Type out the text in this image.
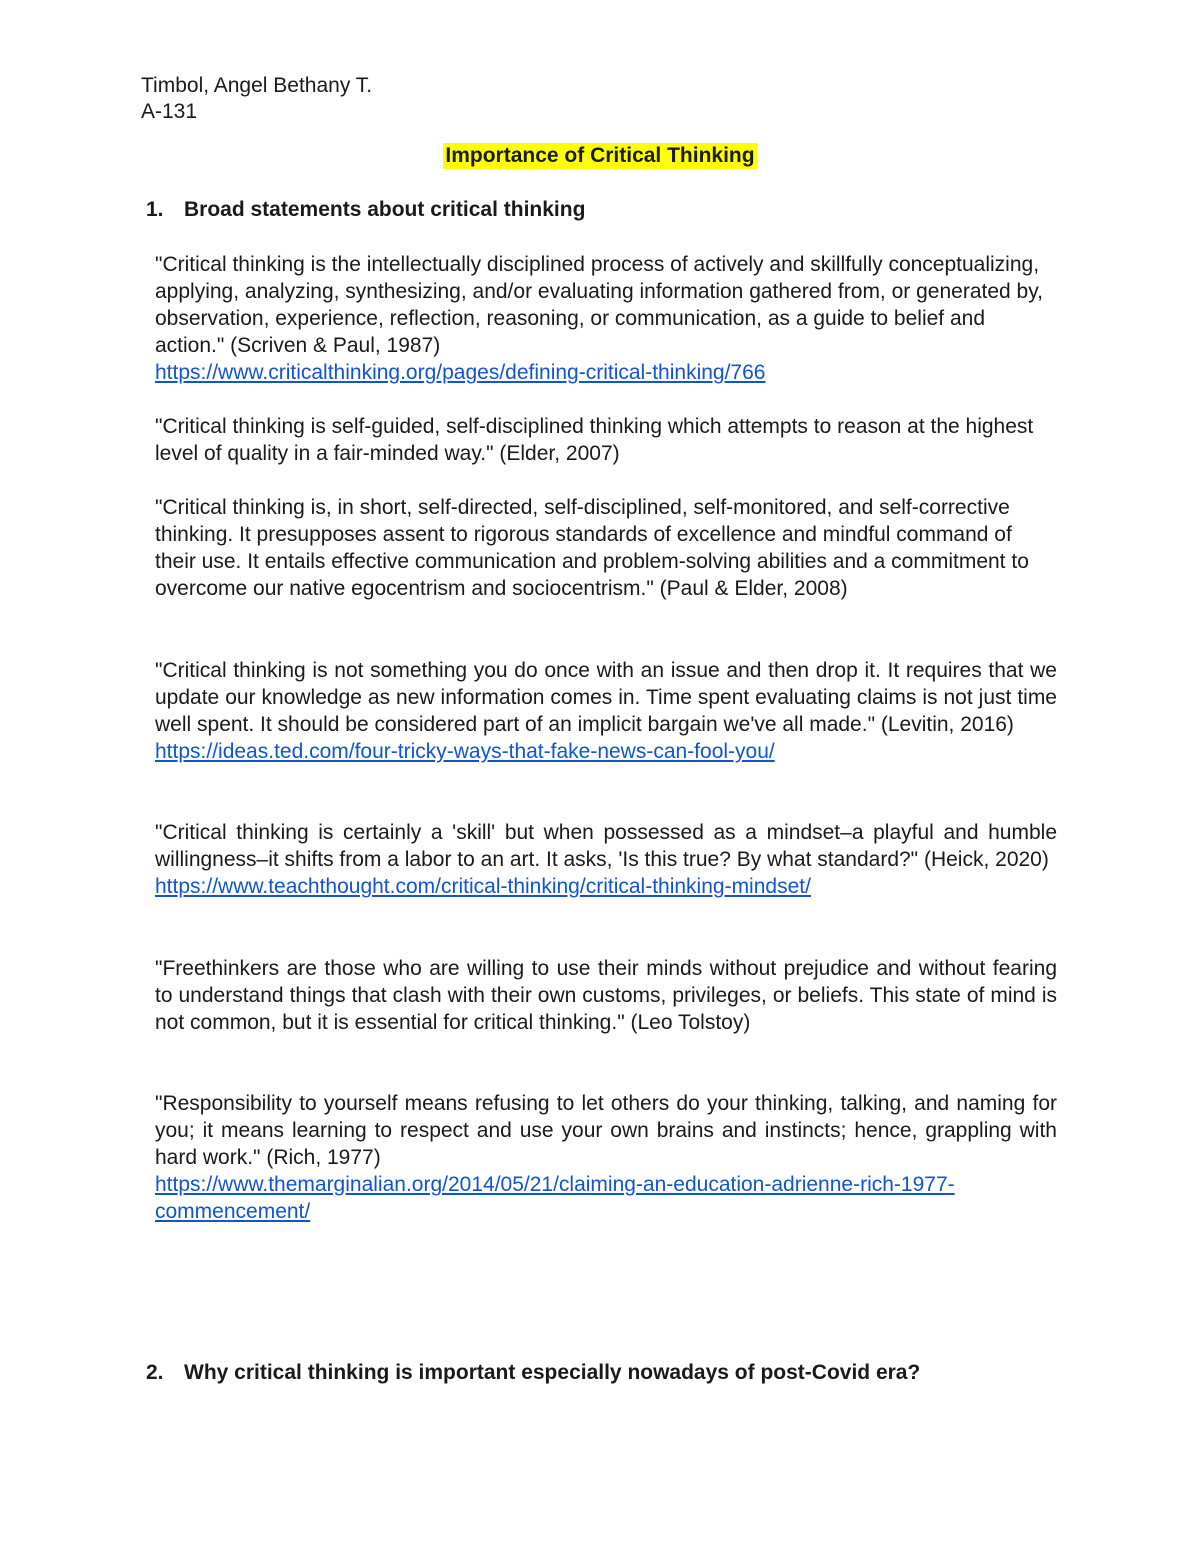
Timbol, Angel Bethany T.
A-131
Importance of Critical Thinking
1. Broad statements about critical thinking

"Critical thinking is the intellectually disciplined process of actively and skillfully conceptualizing, applying, analyzing, synthesizing, and/or evaluating information gathered from, or generated by, observation, experience, reflection, reasoning, or communication, as a guide to belief and action." (Scriven & Paul, 1987)

https://www.criticalthinking.org/pages/defining-critical-thinking/766

"Critical thinking is self-guided, self-disciplined thinking which attempts to reason at the highest level of quality in a fair-minded way." (Elder, 2007)

"Critical thinking is, in short, self-directed, self-disciplined, self-monitored, and self-corrective thinking. It presupposes assent to rigorous standards of excellence and mindful command of their use. It entails effective communication and problem-solving abilities and a commitment to overcome our native egocentrism and sociocentrism." (Paul & Elder, 2008)

"Critical thinking is not something you do once with an issue and then drop it. It requires that we update our knowledge as new information comes in. Time spent evaluating claims is not just time well spent. It should be considered part of an implicit bargain we've all made." (Levitin, 2016)

https://ideas.ted.com/four-tricky-ways-that-fake-news-can-fool-you/

"Critical thinking is certainly a 'skill' but when possessed as a mindset–a playful and humble willingness–it shifts from a labor to an art. It asks, 'Is this true? By what standard?" (Heick, 2020)

https://www.teachthought.com/critical-thinking/critical-thinking-mindset/

"Freethinkers are those who are willing to use their minds without prejudice and without fearing to understand things that clash with their own customs, privileges, or beliefs. This state of mind is not common, but it is essential for critical thinking." (Leo Tolstoy)

"Responsibility to yourself means refusing to let others do your thinking, talking, and naming for you; it means learning to respect and use your own brains and instincts; hence, grappling with hard work." (Rich, 1977)

https://www.themarginalian.org/2014/05/21/claiming-an-education-adrienne-rich-1977-commencement/
2. Why critical thinking is important especially nowadays of post-Covid era?
